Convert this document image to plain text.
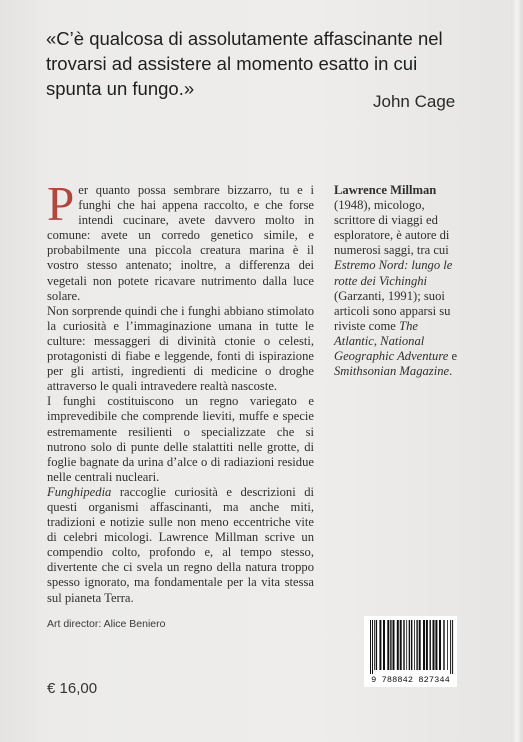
«C’è qualcosa di assolutamente affascinante nel trovarsi ad assistere al momento esatto in cui spunta un fungo.»
John Cage

Per quanto possa sembrare bizzarro, tu e i funghi che hai appena raccolto, e che forse intendi cucinare, avete davvero molto in comune: avete un corredo genetico simile, e probabilmente una piccola creatura marina è il vostro stesso antenato; inoltre, a differenza dei vegetali non potete ricavare nutrimento dalla luce solare.

Non sorprende quindi che i funghi abbiano stimolato la curiosità e l’immaginazione umana in tutte le culture: messaggeri di divinità ctonie o celesti, protagonisti di fiabe e leggende, fonti di ispirazione per gli artisti, ingredienti di medicine o droghe attraverso le quali intravedere realtà nascoste.

I funghi costituiscono un regno variegato e imprevedibile che comprende lieviti, muffe e specie estremamente resilienti o specializzate che si nutrono solo di punte delle stalattiti nelle grotte, di foglie bagnate da urina d’alce o di radiazioni residue nelle centrali nucleari.

Funghipedia raccoglie curiosità e descrizioni di questi organismi affascinanti, ma anche miti, tradizioni e notizie sulle non meno eccentriche vite di celebri micologi. Lawrence Millman scrive un compendio colto, profondo e, al tempo stesso, divertente che ci svela un regno della natura troppo spesso ignorato, ma fondamentale per la vita stessa sul pianeta Terra.

Lawrence Millman (1948), micologo, scrittore di viaggi ed esploratore, è autore di numerosi saggi, tra cui Estremo Nord: lungo le rotte dei Vichinghi (Garzanti, 1991); suoi articoli sono apparsi su riviste come The Atlantic, National Geographic Adventure e Smithsonian Magazine.
Art director: Alice Beniero
€ 16,00	9 788842 827344
